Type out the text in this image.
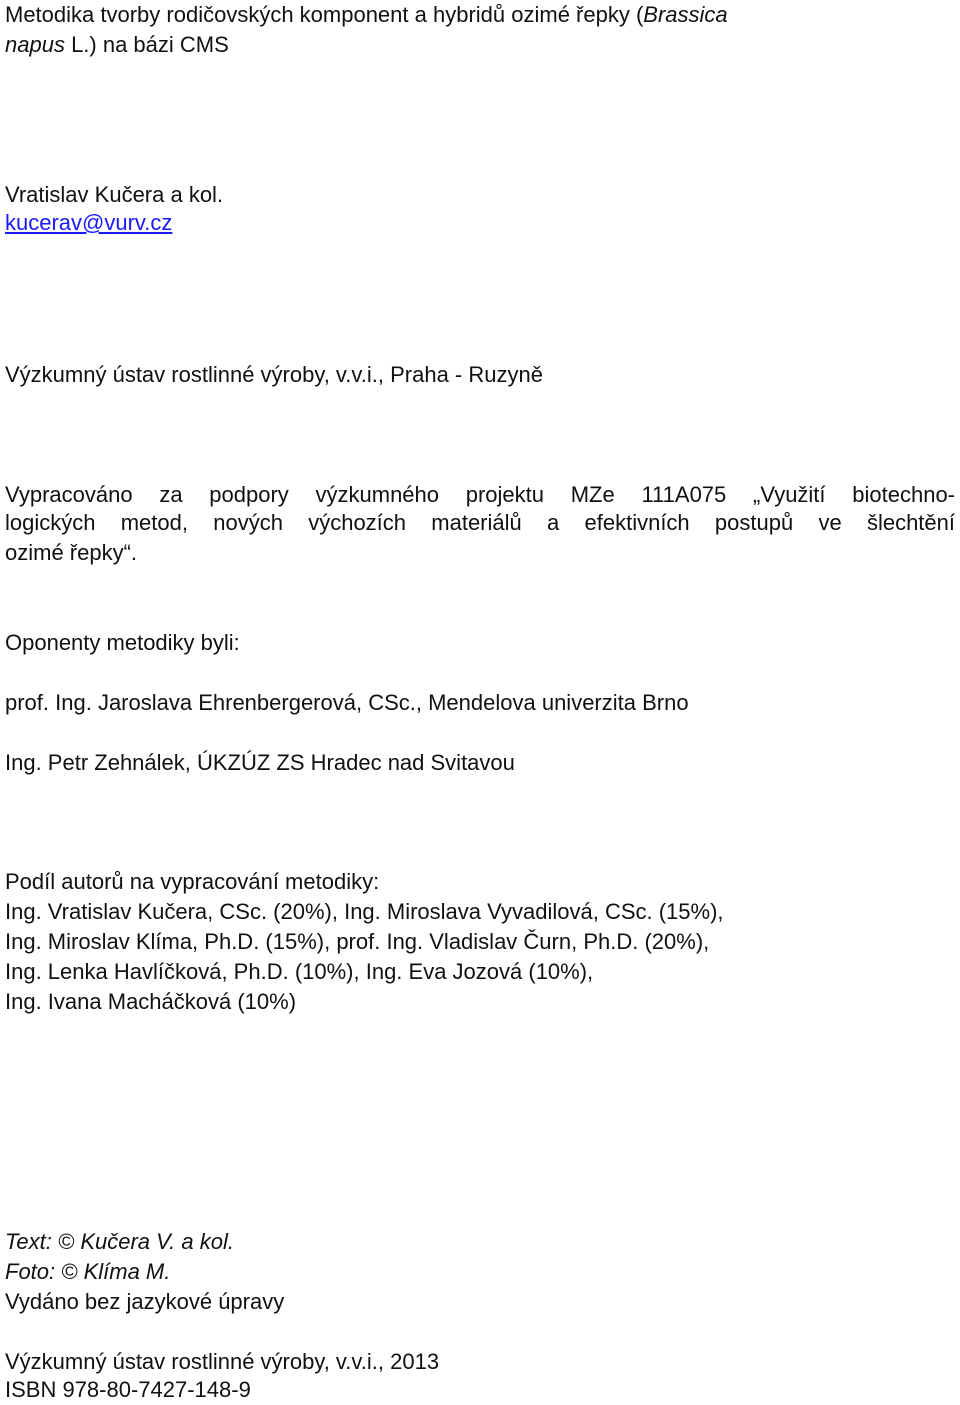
Metodika tvorby rodičovských komponent a hybridů ozimé řepky (Brassica

napus L.) na bázi CMS

Vratislav Kučera a kol.

kucerav@vurv.cz

Výzkumný ústav rostlinné výroby, v.v.i., Praha - Ruzyně

Vypracováno za podpory výzkumného projektu MZe 111A075 „Využití biotechno-

logických metod, nových výchozích materiálů a efektivních postupů ve šlechtění

ozimé řepky“.

Oponenty metodiky byli:

prof. Ing. Jaroslava Ehrenbergerová, CSc., Mendelova univerzita Brno

Ing. Petr Zehnálek, ÚKZÚZ ZS Hradec nad Svitavou

Podíl autorů na vypracování metodiky:

Ing. Vratislav Kučera, CSc. (20%), Ing. Miroslava Vyvadilová, CSc. (15%),

Ing. Miroslav Klíma, Ph.D. (15%), prof. Ing. Vladislav Čurn, Ph.D. (20%),

Ing. Lenka Havlíčková, Ph.D. (10%), Ing. Eva Jozová (10%),

Ing. Ivana Macháčková (10%)

Text: © Kučera V. a kol.

Foto: © Klíma M.

Vydáno bez jazykové úpravy

Výzkumný ústav rostlinné výroby, v.v.i., 2013

ISBN 978-80-7427-148-9
